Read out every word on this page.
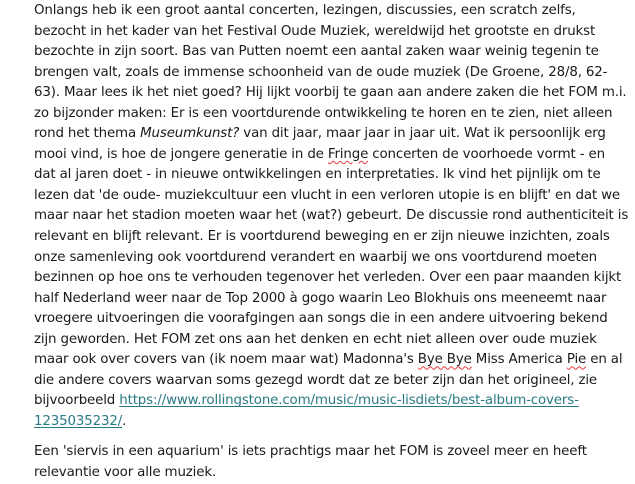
Onlangs heb ik een groot aantal concerten, lezingen, discussies, een scratch zelfs, bezocht in het kader van het Festival Oude Muziek, wereldwijd het grootste en drukst bezochte in zijn soort. Bas van Putten noemt een aantal zaken waar weinig tegenin te brengen valt, zoals de immense schoonheid van de oude muziek (De Groene, 28/8, 62-63). Maar lees ik het niet goed? Hij lijkt voorbij te gaan aan andere zaken die het FOM m.i. zo bijzonder maken: Er is een voortdurende ontwikkeling te horen en te zien, niet alleen rond het thema Museumkunst? van dit jaar, maar jaar in jaar uit. Wat ik persoonlijk erg mooi vind, is hoe de jongere generatie in de Fringe concerten de voorhoede vormt - en dat al jaren doet - in nieuwe ontwikkelingen en interpretaties. Ik vind het pijnlijk om te lezen dat 'de oude- muziekcultuur een vlucht in een verloren utopie is en blijft' en dat we maar naar het stadion moeten waar het (wat?) gebeurt. De discussie rond authenticiteit is relevant en blijft relevant. Er is voortdurend beweging en er zijn nieuwe inzichten, zoals onze samenleving ook voortdurend verandert en waarbij we ons voortdurend moeten bezinnen op hoe ons te verhouden tegenover het verleden. Over een paar maanden kijkt half Nederland weer naar de Top 2000 à gogo waarin Leo Blokhuis ons meeneemt naar vroegere uitvoeringen die voorafgingen aan songs die in een andere uitvoering bekend zijn geworden. Het FOM zet ons aan het denken en echt niet alleen over oude muziek maar ook over covers van (ik noem maar wat) Madonna's Bye Bye Miss America Pie en al die andere covers waarvan soms gezegd wordt dat ze beter zijn dan het origineel, zie bijvoorbeeld https://www.rollingstone.com/music/music-lisdiets/best-album-covers-1235035232/.

Een 'siervis in een aquarium' is iets prachtigs maar het FOM is zoveel meer en heeft relevantie voor alle muziek.
